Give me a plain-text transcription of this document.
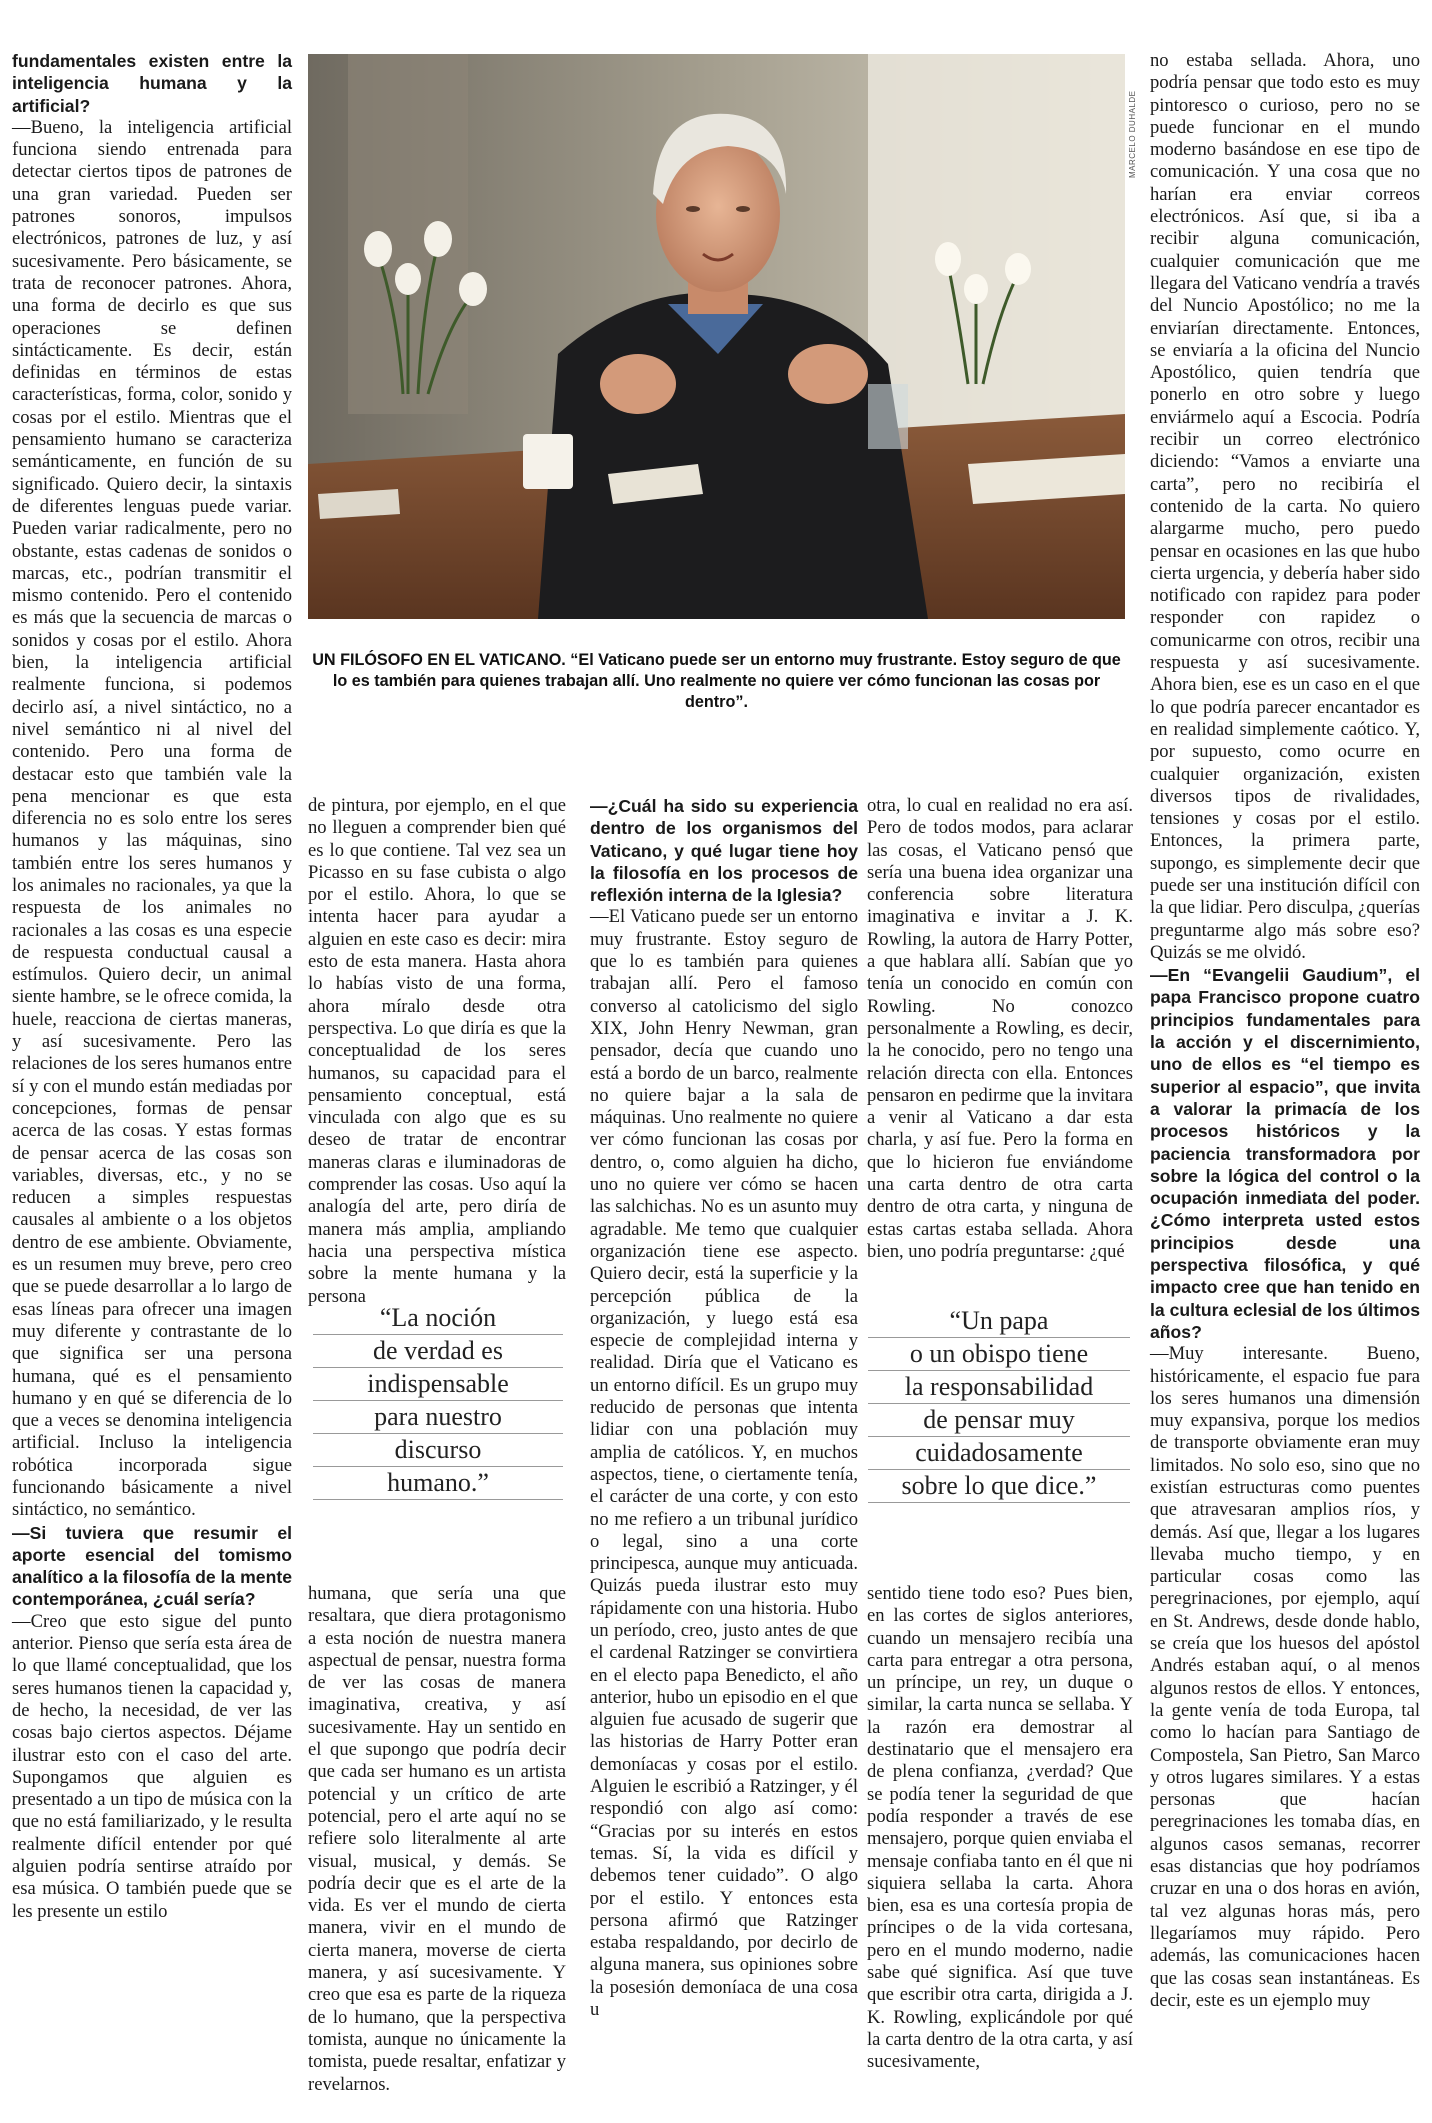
MARCELO DUHALDE
UN FILÓSOFO EN EL VATICANO. “El Vaticano puede ser un entorno muy frustrante. Estoy seguro de que lo es también para quienes trabajan allí. Uno realmente no quiere ver cómo funcionan las cosas por dentro”.

fundamentales existen entre la inteligencia humana y la artificial?

—Bueno, la inteligencia artificial funciona siendo entrenada para detectar ciertos tipos de patrones de una gran variedad. Pueden ser patrones sonoros, impulsos electrónicos, patrones de luz, y así sucesivamente. Pero básicamente, se trata de reconocer patrones. Ahora, una forma de decirlo es que sus operaciones se definen sintácticamente. Es decir, están definidas en términos de estas características, forma, color, sonido y cosas por el estilo. Mientras que el pensamiento humano se caracteriza semánticamente, en función de su significado. Quiero decir, la sintaxis de diferentes lenguas puede variar. Pueden variar radicalmente, pero no obstante, estas cadenas de sonidos o marcas, etc., podrían transmitir el mismo contenido. Pero el contenido es más que la secuencia de marcas o sonidos y cosas por el estilo. Ahora bien, la inteligencia artificial realmente funciona, si podemos decirlo así, a nivel sintáctico, no a nivel semántico ni al nivel del contenido. Pero una forma de destacar esto que también vale la pena mencionar es que esta diferencia no es solo entre los seres humanos y las máquinas, sino también entre los seres humanos y los animales no racionales, ya que la respuesta de los animales no racionales a las cosas es una especie de respuesta conductual causal a estímulos. Quiero decir, un animal siente hambre, se le ofrece comida, la huele, reacciona de ciertas maneras, y así sucesivamente. Pero las relaciones de los seres humanos entre sí y con el mundo están mediadas por concepciones, formas de pensar acerca de las cosas. Y estas formas de pensar acerca de las cosas son variables, diversas, etc., y no se reducen a simples respuestas causales al ambiente o a los objetos dentro de ese ambiente. Obviamente, es un resumen muy breve, pero creo que se puede desarrollar a lo largo de esas líneas para ofrecer una imagen muy diferente y contrastante de lo que significa ser una persona humana, qué es el pensamiento humano y en qué se diferencia de lo que a veces se denomina inteligencia artificial. Incluso la inteligencia robótica incorporada sigue funcionando básicamente a nivel sintáctico, no semántico.

—Si tuviera que resumir el aporte esencial del tomismo analítico a la filosofía de la mente contemporánea, ¿cuál sería?

—Creo que esto sigue del punto anterior. Pienso que sería esta área de lo que llamé conceptualidad, que los seres humanos tienen la capacidad y, de hecho, la necesidad, de ver las cosas bajo ciertos aspectos. Déjame ilustrar esto con el caso del arte. Supongamos que alguien es presentado a un tipo de música con la que no está familiarizado, y le resulta realmente difícil entender por qué alguien podría sentirse atraído por esa música. O también puede que se les presente un estilo

de pintura, por ejemplo, en el que no lleguen a comprender bien qué es lo que contiene. Tal vez sea un Picasso en su fase cubista o algo por el estilo. Ahora, lo que se intenta hacer para ayudar a alguien en este caso es decir: mira esto de esta manera. Hasta ahora lo habías visto de una forma, ahora míralo desde otra perspectiva. Lo que diría es que la conceptualidad de los seres humanos, su capacidad para el pensamiento conceptual, está vinculada con algo que es su deseo de tratar de encontrar maneras claras e iluminadoras de comprender las cosas. Uso aquí la analogía del arte, pero diría de manera más amplia, ampliando hacia una perspectiva mística sobre la mente humana y la persona

humana, que sería una que resaltara, que diera protagonismo a esta noción de nuestra manera aspectual de pensar, nuestra forma de ver las cosas de manera imaginativa, creativa, y así sucesivamente. Hay un sentido en el que supongo que podría decir que cada ser humano es un artista potencial y un crítico de arte potencial, pero el arte aquí no se refiere solo literalmente al arte visual, musical, y demás. Se podría decir que es el arte de la vida. Es ver el mundo de cierta manera, vivir en el mundo de cierta manera, moverse de cierta manera, y así sucesivamente. Y creo que esa es parte de la riqueza de lo humano, que la perspectiva tomista, aunque no únicamente la tomista, puede resaltar, enfatizar y revelarnos.

—¿Cuál ha sido su experiencia dentro de los organismos del Vaticano, y qué lugar tiene hoy la filosofía en los procesos de reflexión interna de la Iglesia?

—El Vaticano puede ser un entorno muy frustrante. Estoy seguro de que lo es también para quienes trabajan allí. Pero el famoso converso al catolicismo del siglo XIX, John Henry Newman, gran pensador, decía que cuando uno está a bordo de un barco, realmente no quiere bajar a la sala de máquinas. Uno realmente no quiere ver cómo funcionan las cosas por dentro, o, como alguien ha dicho, uno no quiere ver cómo se hacen las salchichas. No es un asunto muy agradable. Me temo que cualquier organización tiene ese aspecto. Quiero decir, está la superficie y la percepción pública de la organización, y luego está esa especie de complejidad interna y realidad. Diría que el Vaticano es un entorno difícil. Es un grupo muy reducido de personas que intenta lidiar con una población muy amplia de católicos. Y, en muchos aspectos, tiene, o ciertamente tenía, el carácter de una corte, y con esto no me refiero a un tribunal jurídico o legal, sino a una corte principesca, aunque muy anticuada. Quizás pueda ilustrar esto muy rápidamente con una historia. Hubo un período, creo, justo antes de que el cardenal Ratzinger se convirtiera en el electo papa Benedicto, el año anterior, hubo un episodio en el que alguien fue acusado de sugerir que las historias de Harry Potter eran demoníacas y cosas por el estilo. Alguien le escribió a Ratzinger, y él respondió con algo así como: “Gracias por su interés en estos temas. Sí, la vida es difícil y debemos tener cuidado”. O algo por el estilo. Y entonces esta persona afirmó que Ratzinger estaba respaldando, por decirlo de alguna manera, sus opiniones sobre la posesión demoníaca de una cosa u

otra, lo cual en realidad no era así. Pero de todos modos, para aclarar las cosas, el Vaticano pensó que sería una buena idea organizar una conferencia sobre literatura imaginativa e invitar a J. K. Rowling, la autora de Harry Potter, a que hablara allí. Sabían que yo tenía un conocido en común con Rowling. No conozco personalmente a Rowling, es decir, la he conocido, pero no tengo una relación directa con ella. Entonces pensaron en pedirme que la invitara a venir al Vaticano a dar esta charla, y así fue. Pero la forma en que lo hicieron fue enviándome una carta dentro de otra carta dentro de otra carta, y ninguna de estas cartas estaba sellada. Ahora bien, uno podría preguntarse: ¿qué

sentido tiene todo eso? Pues bien, en las cortes de siglos anteriores, cuando un mensajero recibía una carta para entregar a otra persona, un príncipe, un rey, un duque o similar, la carta nunca se sellaba. Y la razón era demostrar al destinatario que el mensajero era de plena confianza, ¿verdad? Que se podía tener la seguridad de que podía responder a través de ese mensajero, porque quien enviaba el mensaje confiaba tanto en él que ni siquiera sellaba la carta. Ahora bien, esa es una cortesía propia de príncipes o de la vida cortesana, pero en el mundo moderno, nadie sabe qué significa. Así que tuve que escribir otra carta, dirigida a J. K. Rowling, explicándole por qué la carta dentro de la otra carta, y así sucesivamente,

no estaba sellada. Ahora, uno podría pensar que todo esto es muy pintoresco o curioso, pero no se puede funcionar en el mundo moderno basándose en ese tipo de comunicación. Y una cosa que no harían era enviar correos electrónicos. Así que, si iba a recibir alguna comunicación, cualquier comunicación que me llegara del Vaticano vendría a través del Nuncio Apostólico; no me la enviarían directamente. Entonces, se enviaría a la oficina del Nuncio Apostólico, quien tendría que ponerlo en otro sobre y luego enviármelo aquí a Escocia. Podría recibir un correo electrónico diciendo: “Vamos a enviarte una carta”, pero no recibiría el contenido de la carta. No quiero alargarme mucho, pero puedo pensar en ocasiones en las que hubo cierta urgencia, y debería haber sido notificado con rapidez para poder responder con rapidez o comunicarme con otros, recibir una respuesta y así sucesivamente. Ahora bien, ese es un caso en el que lo que podría parecer encantador es en realidad simplemente caótico. Y, por supuesto, como ocurre en cualquier organización, existen diversos tipos de rivalidades, tensiones y cosas por el estilo. Entonces, la primera parte, supongo, es simplemente decir que puede ser una institución difícil con la que lidiar. Pero disculpa, ¿querías preguntarme algo más sobre eso? Quizás se me olvidó.

—En “Evangelii Gaudium”, el papa Francisco propone cuatro principios fundamentales para la acción y el discernimiento, uno de ellos es “el tiempo es superior al espacio”, que invita a valorar la primacía de los procesos históricos y la paciencia transformadora por sobre la lógica del control o la ocupación inmediata del poder. ¿Cómo interpreta usted estos principios desde una perspectiva filosófica, y qué impacto cree que han tenido en la cultura eclesial de los últimos años?

—Muy interesante. Bueno, históricamente, el espacio fue para los seres humanos una dimensión muy expansiva, porque los medios de transporte obviamente eran muy limitados. No solo eso, sino que no existían estructuras como puentes que atravesaran amplios ríos, y demás. Así que, llegar a los lugares llevaba mucho tiempo, y en particular cosas como las peregrinaciones, por ejemplo, aquí en St. Andrews, desde donde hablo, se creía que los huesos del apóstol Andrés estaban aquí, o al menos algunos restos de ellos. Y entonces, la gente venía de toda Europa, tal como lo hacían para Santiago de Compostela, San Pietro, San Marco y otros lugares similares. Y a estas personas que hacían peregrinaciones les tomaba días, en algunos casos semanas, recorrer esas distancias que hoy podríamos cruzar en una o dos horas en avión, tal vez algunas horas más, pero llegaríamos muy rápido. Pero además, las comunicaciones hacen que las cosas sean instantáneas. Es decir, este es un ejemplo muy

“La noción
de verdad es
indispensable
para nuestro
discurso
humano.”
“Un papa
o un obispo tiene
la responsabilidad
de pensar muy
cuidadosamente
sobre lo que dice.”
